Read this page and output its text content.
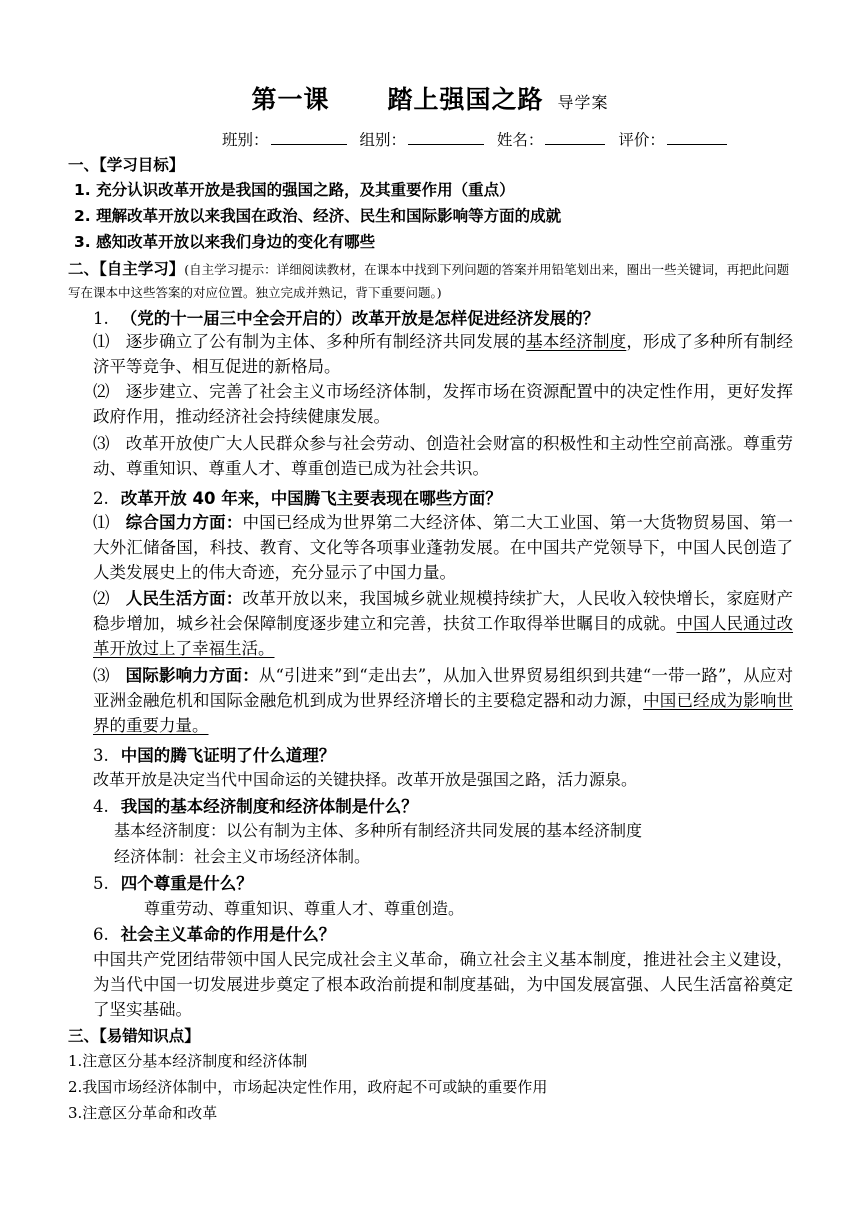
第一课 踏上强国之路 导学案
班别：	组别：	姓名：	评价：
一、【学习目标】
1. 充分认识改革开放是我国的强国之路，及其重要作用（重点）
2. 理解改革开放以来我国在政治、经济、民生和国际影响等方面的成就
3. 感知改革开放以来我们身边的变化有哪些
二、【自主学习】(自主学习提示：详细阅读教材，在课本中找到下列问题的答案并用铅笔划出来，圈出一些关键词，再把此问题写在课本中这些答案的对应位置。独立完成并熟记，背下重要问题。)
1. （党的十一届三中全会开启的）改革开放是怎样促进经济发展的？
⑴ 逐步确立了公有制为主体、多种所有制经济共同发展的基本经济制度，形成了多种所有制经济平等竞争、相互促进的新格局。
⑵ 逐步建立、完善了社会主义市场经济体制，发挥市场在资源配置中的决定性作用，更好发挥政府作用，推动经济社会持续健康发展。
⑶ 改革开放使广大人民群众参与社会劳动、创造社会财富的积极性和主动性空前高涨。尊重劳动、尊重知识、尊重人才、尊重创造已成为社会共识。
2. 改革开放 40 年来，中国腾飞主要表现在哪些方面？
⑴ 综合国力方面：中国已经成为世界第二大经济体、第二大工业国、第一大货物贸易国、第一大外汇储备国，科技、教育、文化等各项事业蓬勃发展。在中国共产党领导下，中国人民创造了人类发展史上的伟大奇迹，充分显示了中国力量。
⑵ 人民生活方面：改革开放以来，我国城乡就业规模持续扩大，人民收入较快增长，家庭财产稳步增加，城乡社会保障制度逐步建立和完善，扶贫工作取得举世瞩目的成就。中国人民通过改革开放过上了幸福生活。
⑶ 国际影响力方面：从“引进来”到“走出去”，从加入世界贸易组织到共建“一带一路”，从应对亚洲金融危机和国际金融危机到成为世界经济增长的主要稳定器和动力源，中国已经成为影响世界的重要力量。
3. 中国的腾飞证明了什么道理？
改革开放是决定当代中国命运的关键抉择。改革开放是强国之路，活力源泉。
4. 我国的基本经济制度和经济体制是什么？
基本经济制度：以公有制为主体、多种所有制经济共同发展的基本经济制度
经济体制：社会主义市场经济体制。
5. 四个尊重是什么？
尊重劳动、尊重知识、尊重人才、尊重创造。
6. 社会主义革命的作用是什么？
中国共产党团结带领中国人民完成社会主义革命，确立社会主义基本制度，推进社会主义建设，为当代中国一切发展进步奠定了根本政治前提和制度基础，为中国发展富强、人民生活富裕奠定了坚实基础。
三、【易错知识点】
1.注意区分基本经济制度和经济体制
2.我国市场经济体制中，市场起决定性作用，政府起不可或缺的重要作用
3.注意区分革命和改革
